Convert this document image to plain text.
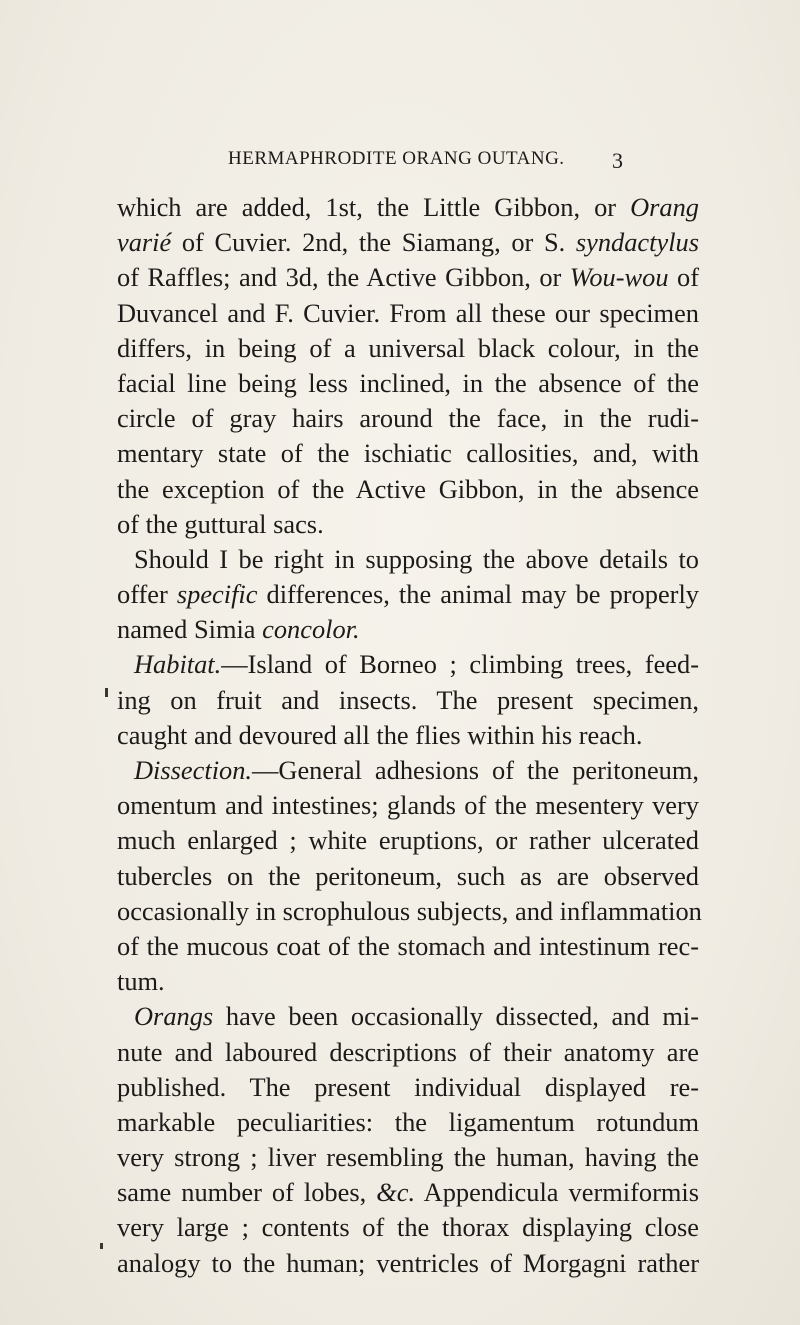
HERMAPHRODITE ORANG OUTANG. 3
which are added, 1st, the Little Gibbon, or Orang
varié of Cuvier. 2nd, the Siamang, or S. syndactylus
of Raffles; and 3d, the Active Gibbon, or Wou-wou of
Duvancel and F. Cuvier. From all these our specimen
differs, in being of a universal black colour, in the
facial line being less inclined, in the absence of the
circle of gray hairs around the face, in the rudi-
mentary state of the ischiatic callosities, and, with
the exception of the Active Gibbon, in the absence
of the guttural sacs.
Should I be right in supposing the above details to
offer specific differences, the animal may be properly
named Simia concolor.
Habitat.—Island of Borneo ; climbing trees, feed-
ing on fruit and insects. The present specimen,
caught and devoured all the flies within his reach.
Dissection.—General adhesions of the peritoneum,
omentum and intestines; glands of the mesentery very
much enlarged ; white eruptions, or rather ulcerated
tubercles on the peritoneum, such as are observed
occasionally in scrophulous subjects, and inflammation
of the mucous coat of the stomach and intestinum rec-
tum.
Orangs have been occasionally dissected, and mi-
nute and laboured descriptions of their anatomy are
published. The present individual displayed re-
markable peculiarities: the ligamentum rotundum
very strong ; liver resembling the human, having the
same number of lobes, &c. Appendicula vermiformis
very large ; contents of the thorax displaying close
analogy to the human; ventricles of Morgagni rather
